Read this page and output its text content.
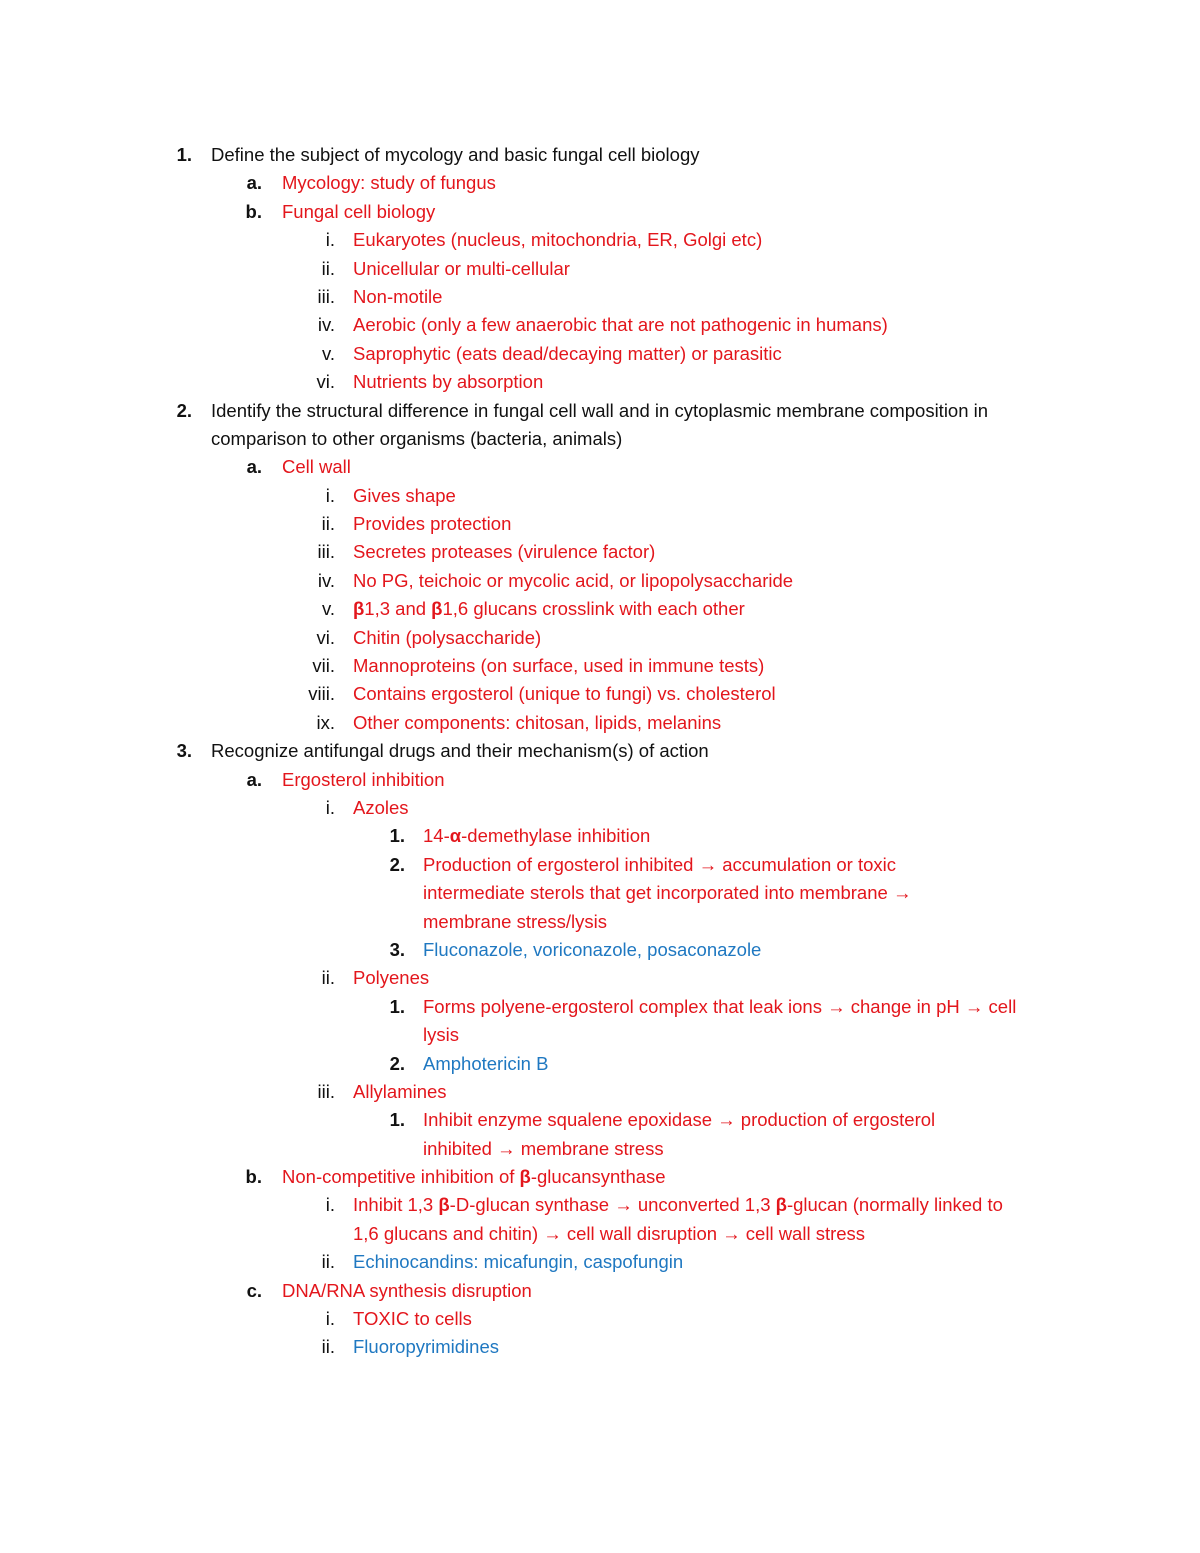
1. Define the subject of mycology and basic fungal cell biology
a. Mycology: study of fungus
b. Fungal cell biology
i. Eukaryotes (nucleus, mitochondria, ER, Golgi etc)
ii. Unicellular or multi-cellular
iii. Non-motile
iv. Aerobic (only a few anaerobic that are not pathogenic in humans)
v. Saprophytic (eats dead/decaying matter) or parasitic
vi. Nutrients by absorption
2. Identify the structural difference in fungal cell wall and in cytoplasmic membrane composition in
comparison to other organisms (bacteria, animals)
a. Cell wall
i. Gives shape
ii. Provides protection
iii. Secretes proteases (virulence factor)
iv. No PG, teichoic or mycolic acid, or lipopolysaccharide
v. β1,3 and β1,6 glucans crosslink with each other
vi. Chitin (polysaccharide)
vii. Mannoproteins (on surface, used in immune tests)
viii. Contains ergosterol (unique to fungi) vs. cholesterol
ix. Other components: chitosan, lipids, melanins
3. Recognize antifungal drugs and their mechanism(s) of action
a. Ergosterol inhibition
i. Azoles
1. 14-α-demethylase inhibition
2. Production of ergosterol inhibited → accumulation or toxic
intermediate sterols that get incorporated into membrane →
membrane stress/lysis
3. Fluconazole, voriconazole, posaconazole
ii. Polyenes
1. Forms polyene-ergosterol complex that leak ions → change in pH → cell
lysis
2. Amphotericin B
iii. Allylamines
1. Inhibit enzyme squalene epoxidase → production of ergosterol
inhibited → membrane stress
b. Non-competitive inhibition of β-glucansynthase
i. Inhibit 1,3 β-D-glucan synthase → unconverted 1,3 β-glucan (normally linked to
1,6 glucans and chitin) → cell wall disruption → cell wall stress
ii. Echinocandins: micafungin, caspofungin
c. DNA/RNA synthesis disruption
i. TOXIC to cells
ii. Fluoropyrimidines
